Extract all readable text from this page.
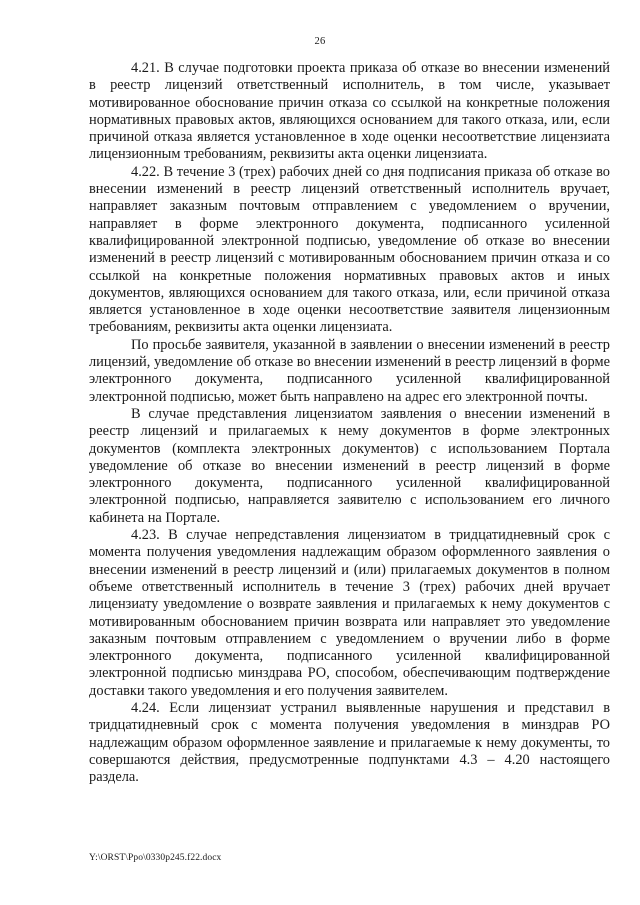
26

4.21. В случае подготовки проекта приказа об отказе во внесении изменений в реестр лицензий ответственный исполнитель, в том числе, указывает мотивированное обоснование причин отказа со ссылкой на конкретные положения нормативных правовых актов, являющихся основанием для такого отказа, или, если причиной отказа является установленное в ходе оценки несоответствие лицензиата лицензионным требованиям, реквизиты акта оценки лицензиата.

4.22. В течение 3 (трех) рабочих дней со дня подписания приказа об отказе во внесении изменений в реестр лицензий ответственный исполнитель вручает, направляет заказным почтовым отправлением с уведомлением о вручении, направляет в форме электронного документа, подписанного усиленной квалифицированной электронной подписью, уведомление об отказе во внесении изменений в реестр лицензий с мотивированным обоснованием причин отказа и со ссылкой на конкретные положения нормативных правовых актов и иных документов, являющихся основанием для такого отказа, или, если причиной отказа является установленное в ходе оценки несоответствие заявителя лицензионным требованиям, реквизиты акта оценки лицензиата.

По просьбе заявителя, указанной в заявлении о внесении изменений в реестр лицензий, уведомление об отказе во внесении изменений в реестр лицензий в форме электронного документа, подписанного усиленной квалифицированной электронной подписью, может быть направлено на адрес его электронной почты.

В случае представления лицензиатом заявления о внесении изменений в реестр лицензий и прилагаемых к нему документов в форме электронных документов (комплекта электронных документов) с использованием Портала уведомление об отказе во внесении изменений в реестр лицензий в форме электронного документа, подписанного усиленной квалифицированной электронной подписью, направляется заявителю с использованием его личного кабинета на Портале.

4.23. В случае непредставления лицензиатом в тридцатидневный срок с момента получения уведомления надлежащим образом оформленного заявления о внесении изменений в реестр лицензий и (или) прилагаемых документов в полном объеме ответственный исполнитель в течение 3 (трех) рабочих дней вручает лицензиату уведомление о возврате заявления и прилагаемых к нему документов с мотивированным обоснованием причин возврата или направляет это уведомление заказным почтовым отправлением с уведомлением о вручении либо в форме электронного документа, подписанного усиленной квалифицированной электронной подписью минздрава РО, способом, обеспечивающим подтверждение доставки такого уведомления и его получения заявителем.

4.24. Если лицензиат устранил выявленные нарушения и представил в тридцатидневный срок с момента получения уведомления в минздрав РО надлежащим образом оформленное заявление и прилагаемые к нему документы, то совершаются действия, предусмотренные подпунктами 4.3 – 4.20 настоящего раздела.

Y:\ORST\Ppo\0330p245.f22.docx
